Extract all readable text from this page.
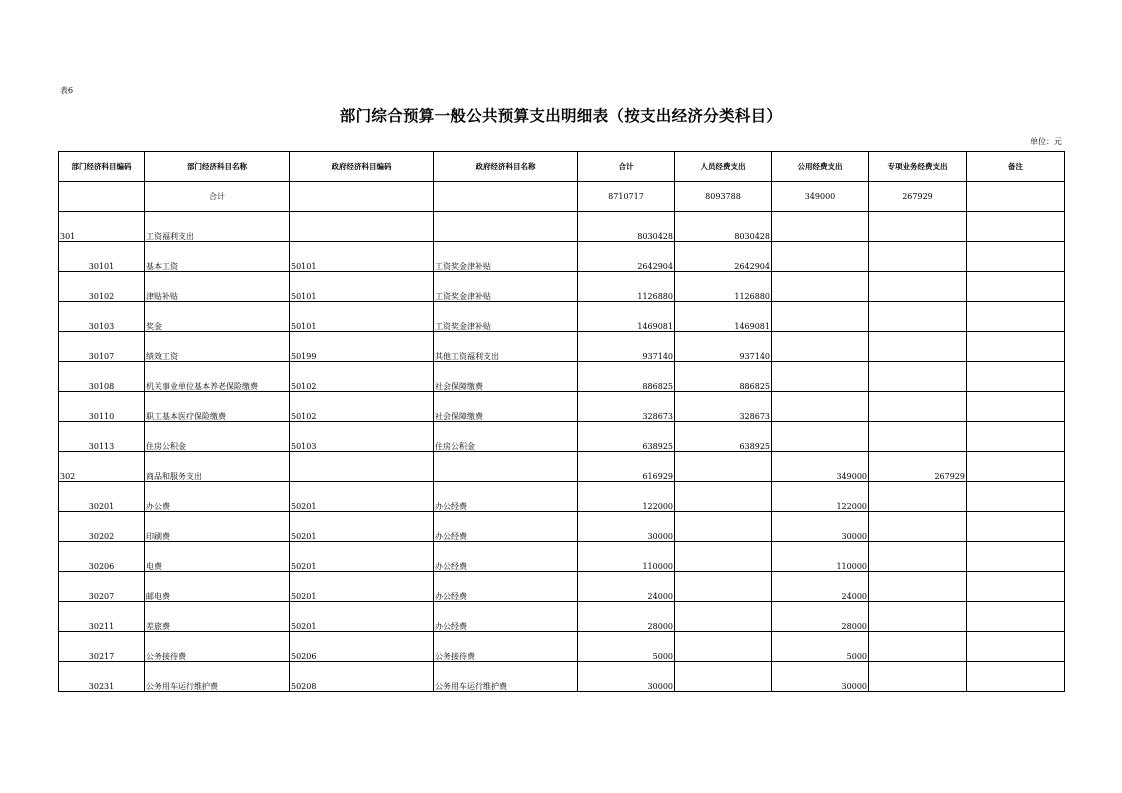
表6
部门综合预算一般公共预算支出明细表（按支出经济分类科目）
单位：元
部门经济科目编码	部门经济科目名称	政府经济科目编码	政府经济科目名称	合计	人员经费支出	公用经费支出	专项业务经费支出	备注
	合计			8710717	8093788	349000	267929	
301	工资福利支出			8030428	8030428			
30101	基本工资	50101	工资奖金津补贴	2642904	2642904			
30102	津贴补贴	50101	工资奖金津补贴	1126880	1126880			
30103	奖金	50101	工资奖金津补贴	1469081	1469081			
30107	绩效工资	50199	其他工资福利支出	937140	937140			
30108	机关事业单位基本养老保险缴费	50102	社会保障缴费	886825	886825			
30110	职工基本医疗保险缴费	50102	社会保障缴费	328673	328673			
30113	住房公积金	50103	住房公积金	638925	638925			
302	商品和服务支出			616929		349000	267929	
30201	办公费	50201	办公经费	122000		122000		
30202	印刷费	50201	办公经费	30000		30000		
30206	电费	50201	办公经费	110000		110000		
30207	邮电费	50201	办公经费	24000		24000		
30211	差旅费	50201	办公经费	28000		28000		
30217	公务接待费	50206	公务接待费	5000		5000		
30231	公务用车运行维护费	50208	公务用车运行维护费	30000		30000		
